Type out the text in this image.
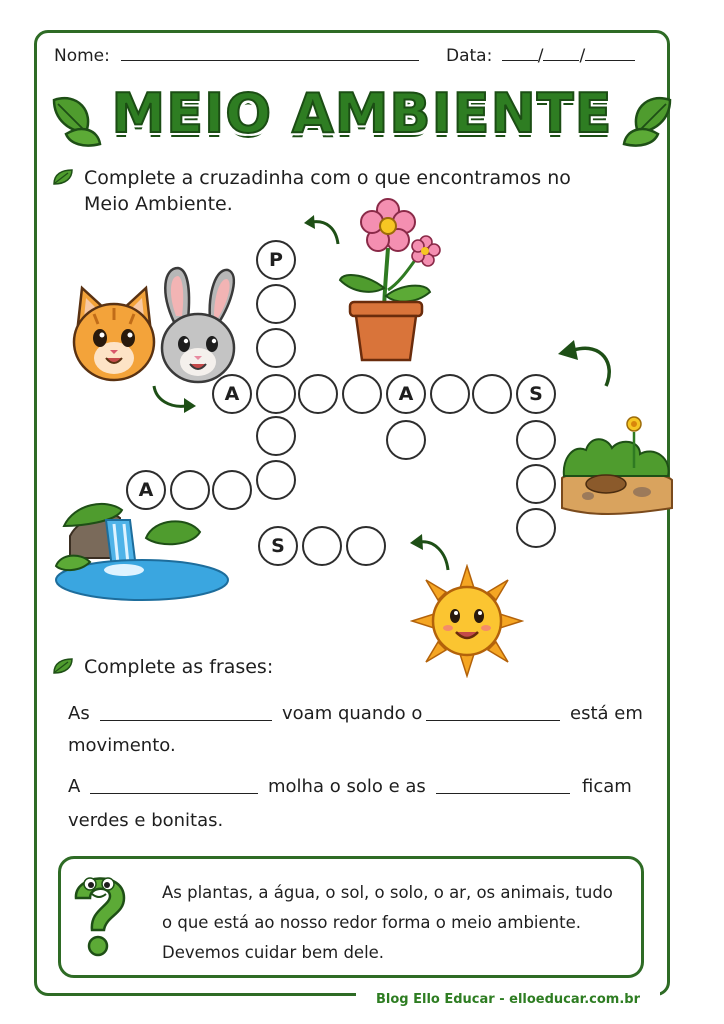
Nome:	Data:	/ /
MEIO AMBIENTE
Complete a cruzadinha com o que encontramos no
Meio Ambiente.
P
A	A	S
A
S
Complete as frases:
As	voam quando o	está em
movimento.
A	molha o solo e as	ficam
verdes e bonitas.
As plantas, a água, o sol, o solo, o ar, os animais, tudo
o que está ao nosso redor forma o meio ambiente.
Devemos cuidar bem dele.
Blog Ello Educar - elloeducar.com.br
